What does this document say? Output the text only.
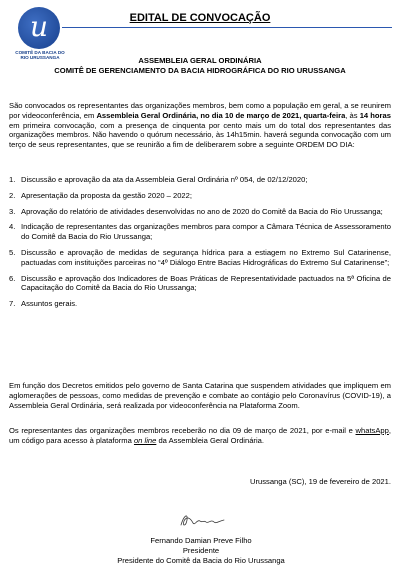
u
COMITÊ DA BACIA DO RIO URUSSANGA
EDITAL DE CONVOCAÇÃO
ASSEMBLEIA GERAL ORDINÁRIA
COMITÊ DE GERENCIAMENTO DA BACIA HIDROGRÁFICA DO RIO URUSSANGA
São convocados os representantes das organizações membros, bem como a população em geral, a se reunirem por videoconferência, em Assembleia Geral Ordinária, no dia 10 de março de 2021, quarta-feira, às 14 horas em primeira convocação, com a presença de cinquenta por cento mais um do total dos representantes das organizações membros. Não havendo o quórum necessário, às 14h15min. haverá segunda convocação com um terço de seus representantes, que se reunirão a fim de deliberarem sobre a seguinte ORDEM DO DIA:
1. Discussão e aprovação da ata da Assembleia Geral Ordinária nº 054, de 02/12/2020;
2. Apresentação da proposta da gestão 2020 – 2022;
3. Aprovação do relatório de atividades desenvolvidas no ano de 2020 do Comitê da Bacia do Rio Urussanga;
4. Indicação de representantes das organizações membros para compor a Câmara Técnica de Assessoramento do Comitê da Bacia do Rio Urussanga;
5. Discussão e aprovação de medidas de segurança hídrica para a estiagem no Extremo Sul Catarinense, pactuadas com instituições parceiras no “4º Diálogo Entre Bacias Hidrográficas do Extremo Sul Catarinense”;
6. Discussão e aprovação dos Indicadores de Boas Práticas de Representatividade pactuados na 5ª Oficina de Capacitação do Comitê da Bacia do Rio Urussanga;
7. Assuntos gerais.
Em função dos Decretos emitidos pelo governo de Santa Catarina que suspendem atividades que impliquem em aglomerações de pessoas, como medidas de prevenção e combate ao contágio pelo Coronavírus (COVID-19), a Assembleia Geral Ordinária, será realizada por videoconferência na Plataforma Zoom.
Os representantes das organizações membros receberão no dia 09 de março de 2021, por e-mail e whatsApp, um código para acesso à plataforma on line da Assembleia Geral Ordinária.
Urussanga (SC), 19 de fevereiro de 2021.
Fernando Damian Preve Filho
Presidente
Presidente do Comitê da Bacia do Rio Urussanga
